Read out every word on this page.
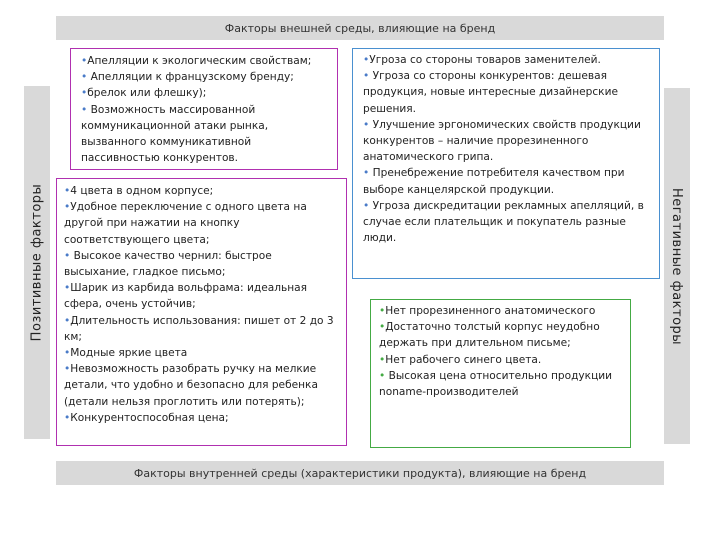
Факторы внешней среды, влияющие на бренд
Позитивные факторы	Негативные факторы

•Апелляции к экологическим свойствам;

• Апелляции к французскому бренду;

•брелок или флешку);

• Возможность массированной коммуникационной атаки рынка, вызванного коммуникативной пассивностью конкурентов.

•4 цвета в одном корпусе;

•Удобное переключение с одного цвета на другой при нажатии на кнопку соответствующего цвета;

• Высокое качество чернил: быстрое высыхание, гладкое письмо;

•Шарик из карбида вольфрама: идеальная сфера, очень устойчив;

•Длительность использования: пишет от 2 до 3 км;

•Модные яркие цвета

•Невозможность разобрать ручку на мелкие детали, что удобно и безопасно для ребенка (детали нельзя проглотить или потерять);

•Конкурентоспособная цена;

•Угроза со стороны товаров заменителей.

• Угроза со стороны конкурентов: дешевая продукция, новые интересные дизайнерские решения.

• Улучшение эргономических свойств продукции конкурентов – наличие прорезиненного анатомического грипа.

• Пренебрежение потребителя качеством при выборе канцелярской продукции.

• Угроза дискредитации рекламных апелляций, в случае если плательщик и покупатель разные люди.

•Нет прорезиненного анатомического

•Достаточно толстый корпус неудобно держать при длительном письме;

•Нет рабочего синего цвета.

• Высокая цена относительно продукции noname-производителей

Факторы внутренней среды (характеристики продукта), влияющие на бренд
